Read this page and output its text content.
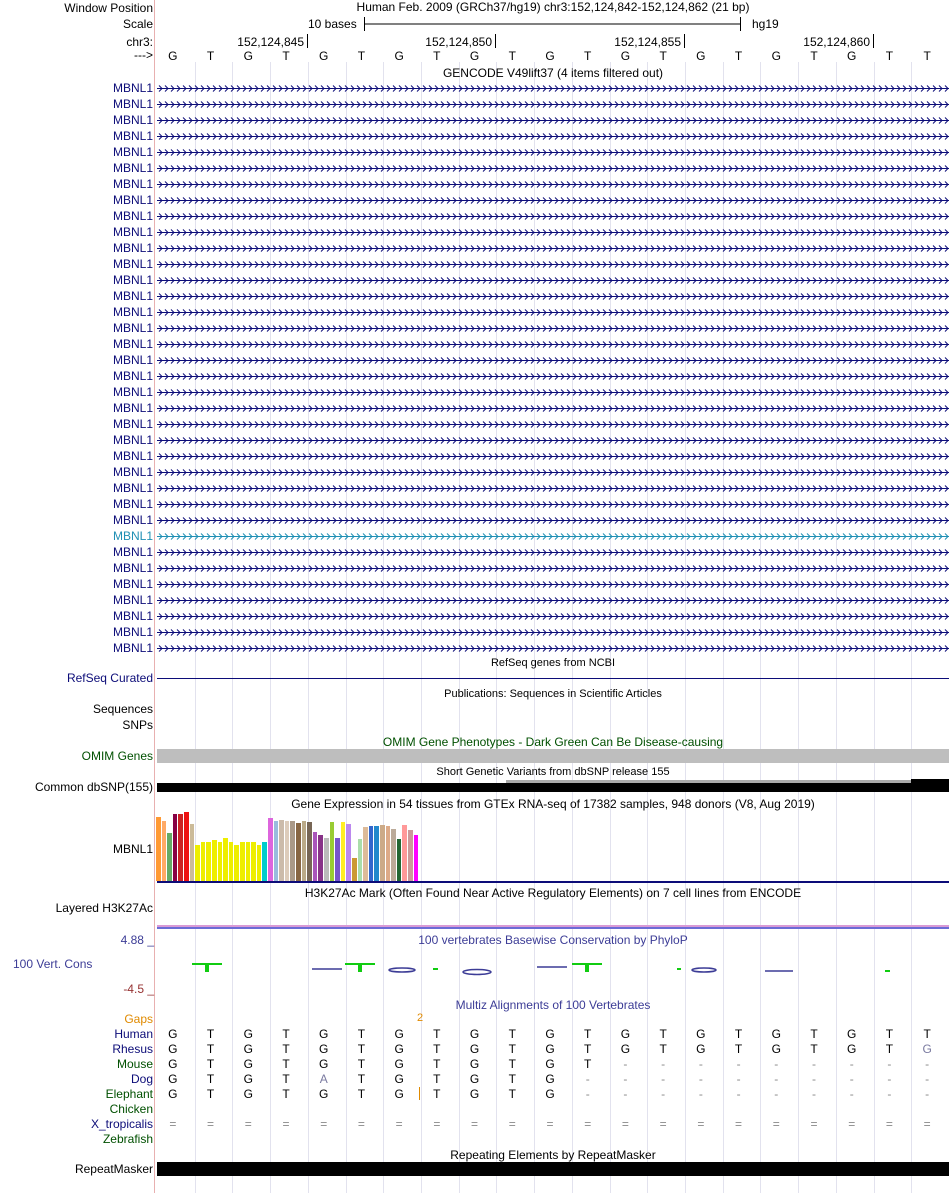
Window Position
Scale
chr3:
--->
Human Feb. 2009 (GRCh37/hg19) chr3:152,124,842-152,124,862 (21 bp)
10 bases	hg19
152,124,845	152,124,850	152,124,855	152,124,860
G	T	G	T	G	T	G	T	G	T	G	T	G	T	G	T	G	T	G	T	T
GENCODE V49lift37 (4 items filtered out)
MBNL1
MBNL1
MBNL1
MBNL1
MBNL1
MBNL1
MBNL1
MBNL1
MBNL1
MBNL1
MBNL1
MBNL1
MBNL1
MBNL1
MBNL1
MBNL1
MBNL1
MBNL1
MBNL1
MBNL1
MBNL1
MBNL1
MBNL1
MBNL1
MBNL1
MBNL1
MBNL1
MBNL1
MBNL1
MBNL1
MBNL1
MBNL1
MBNL1
MBNL1
MBNL1
MBNL1
RefSeq genes from NCBI
RefSeq Curated
Publications: Sequences in Scientific Articles
Sequences
SNPs
OMIM Gene Phenotypes - Dark Green Can Be Disease-causing
OMIM Genes
Short Genetic Variants from dbSNP release 155
Common dbSNP(155)
Gene Expression in 54 tissues from GTEx RNA-seq of 17382 samples, 948 donors (V8, Aug 2019)
MBNL1
H3K27Ac Mark (Often Found Near Active Regulatory Elements) on 7 cell lines from ENCODE
Layered H3K27Ac
100 vertebrates Basewise Conservation by PhyloP
4.88 _
100 Vert. Cons
-4.5 _
Multiz Alignments of 100 Vertebrates
Gaps	2
Human	G	T	G	T	G	T	G	T	G	T	G	T	G	T	G	T	G	T	G	T	T
Rhesus	G	T	G	T	G	T	G	T	G	T	G	T	G	T	G	T	G	T	G	T	G
Mouse	G	T	G	T	G	T	G	T	G	T	G	T	-	-	-	-	-	-	-	-	-
Dog	G	T	G	T	A	T	G	T	G	T	G	-	-	-	-	-	-	-	-	-	-
Elephant	G	T	G	T	G	T	G	T	G	T	G	-	-	-	-	-	-	-	-	-	-
Chicken
X_tropicalis	=	=	=	=	=	=	=	=	=	=	=	=	=	=	=	=	=	=	=	=	=
Zebrafish
Repeating Elements by RepeatMasker
RepeatMasker
